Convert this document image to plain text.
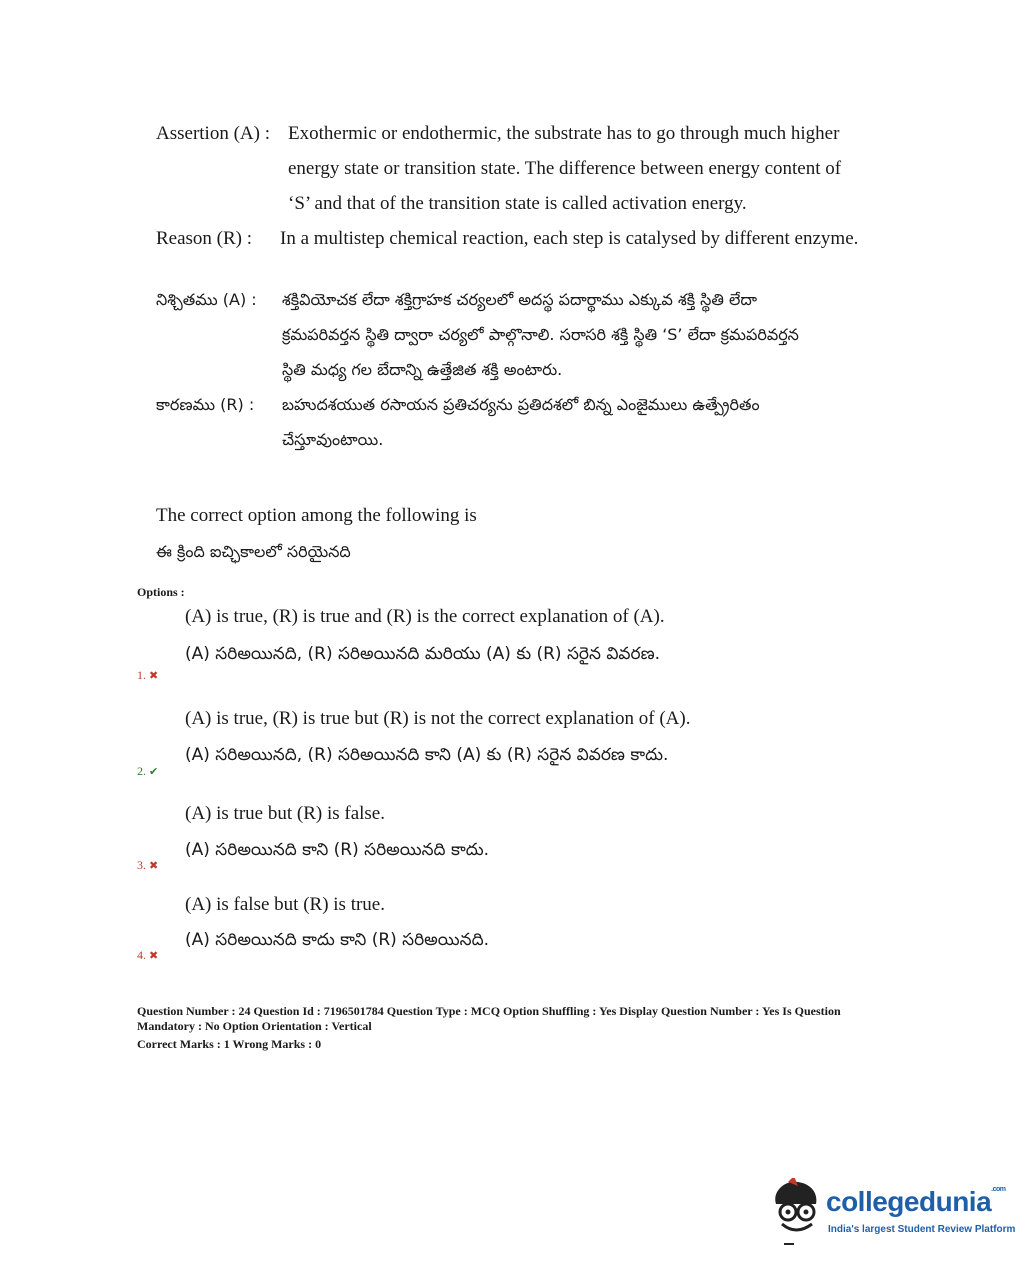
Assertion (A) : Exothermic or endothermic, the substrate has to go through much higher
energy state or transition state. The difference between energy content of
‘S’ and that of the transition state is called activation energy.
Reason (R) :	In a multistep chemical reaction, each step is catalysed by different enzyme.
నిశ్చితము (A) :	శక్తివియోచక లేదా శక్తిగ్రాహక చర్యలలో అదస్థ పదార్థాము ఎక్కువ శక్తి స్థితి లేదా
క్రమపరివర్తన స్థితి ద్వారా చర్యలో పాల్గొనాలి. సరాసరి శక్తి స్థితి ‘S’ లేదా క్రమపరివర్తన
స్థితి మధ్య గల బేదాన్ని ఉత్తేజిత శక్తి అంటారు.
కారణము (R) :	బహుదశయుత రసాయన ప్రతిచర్యను ప్రతిదశలో బిన్న ఎంజైములు ఉత్ప్రేరితం
చేస్తూవుంటాయి.
The correct option among the following is
ఈ క్రింది ఐచ్ఛికాలలో సరియైనది
Options :
(A) is true, (R) is true and (R) is the correct explanation of (A).
(A) సరిఅయినది, (R) సరిఅయినది మరియు (A) కు (R) సరైన వివరణ.
1. ✖
(A) is true, (R) is true but (R) is not the correct explanation of (A).
(A) సరిఅయినది, (R) సరిఅయినది కాని (A) కు (R) సరైన వివరణ కాదు.
2. ✔
(A) is true but (R) is false.
(A) సరిఅయినది కాని (R) సరిఅయినది కాదు.
3. ✖
(A) is false but (R) is true.
(A) సరిఅయినది కాదు కాని (R) సరిఅయినది.
4. ✖
Question Number : 24 Question Id : 7196501784 Question Type : MCQ Option Shuffling : Yes Display Question Number : Yes Is Question
Mandatory : No Option Orientation : Vertical
Correct Marks : 1 Wrong Marks : 0
collegedunia$^{.com}$
India's largest Student Review Platform
